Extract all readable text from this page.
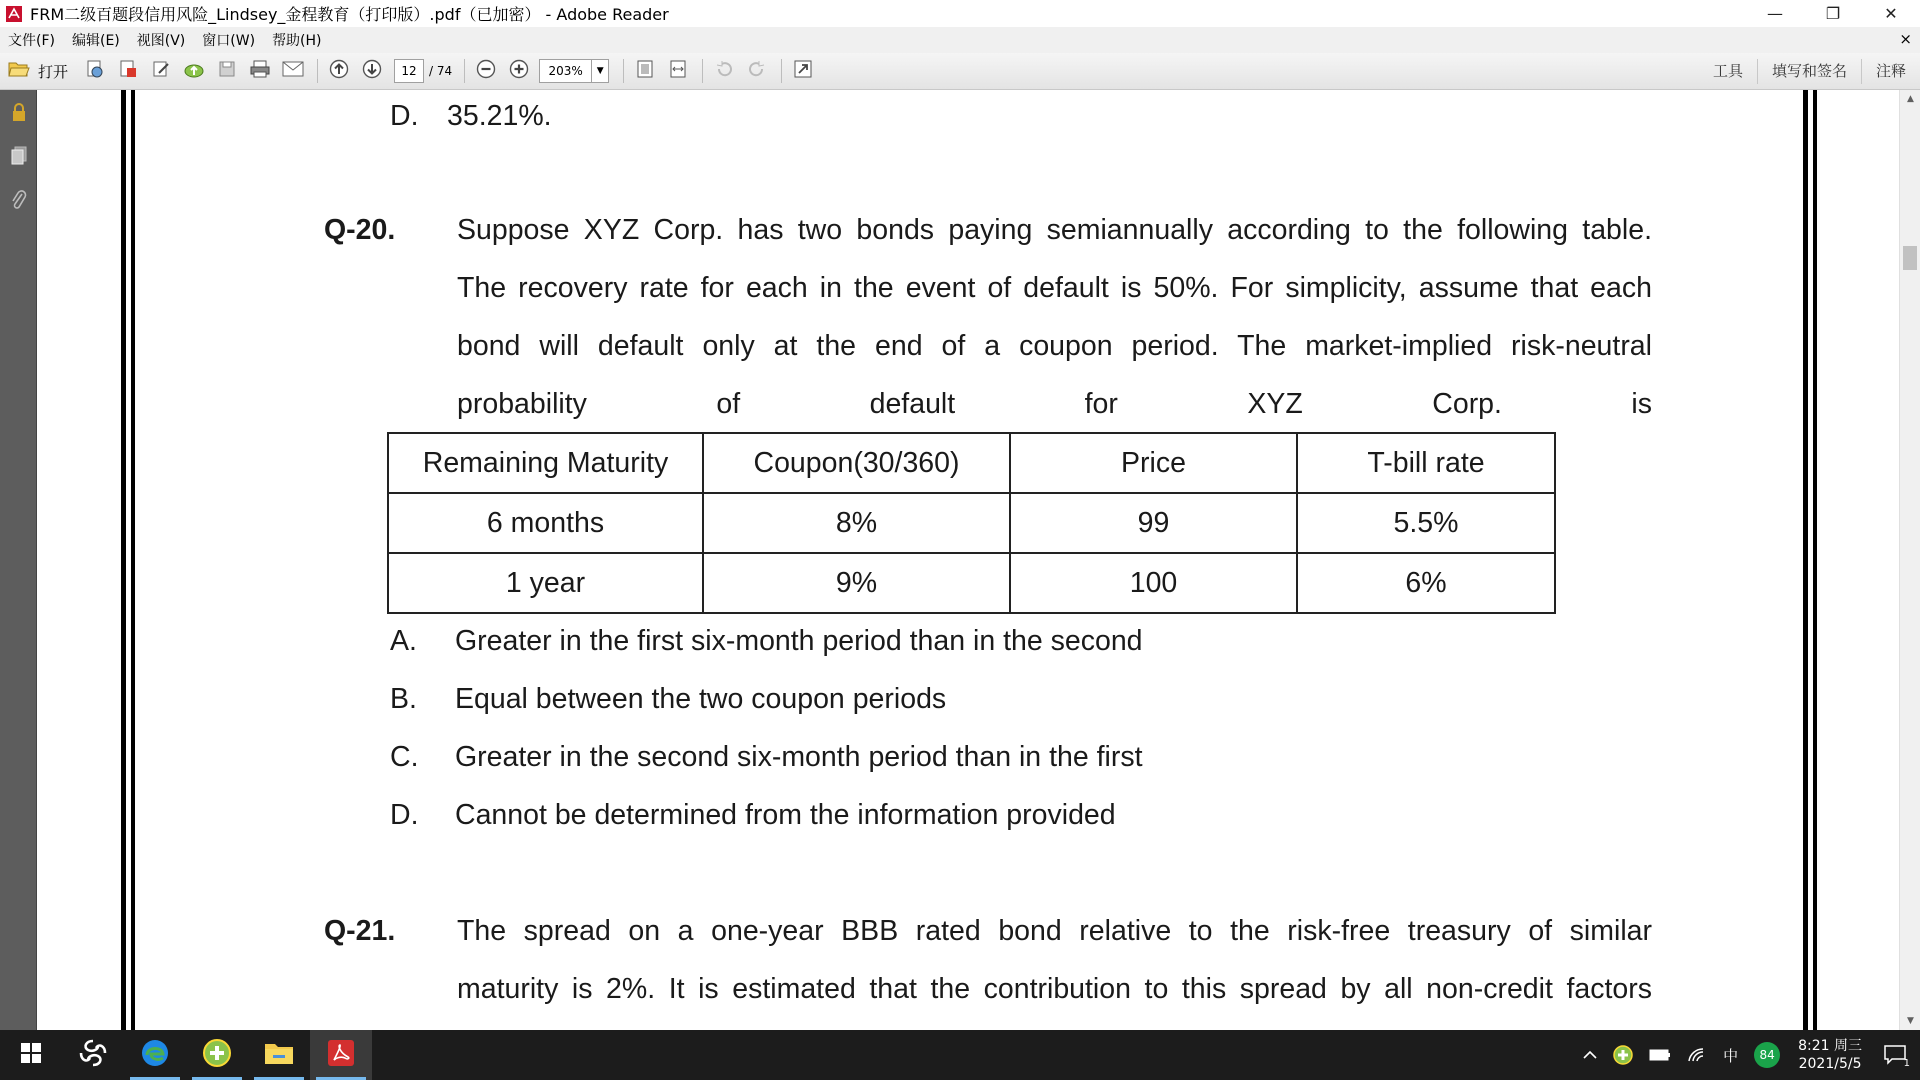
FRM二级百题段信用风险_Lindsey_金程教育（打印版）.pdf（已加密） - Adobe Reader	—	❐	✕
文件(F) 编辑(E) 视图(V) 窗口(W) 帮助(H)	×
打开	12	/ 74	203%	▼	工具	填写和签名	注释
D. 35.21%.
Q-20. Suppose XYZ Corp. has two bonds paying semiannually according to the following table.
The recovery rate for each in the event of default is 50%. For simplicity, assume that each
bond will default only at the end of a coupon period. The market-implied risk-neutral
probability of default for XYZ Corp. is
Remaining Maturity	Coupon(30/360)	Price	T-bill rate
6 months	8%	99	5.5%
1 year	9%	100	6%
A. Greater in the first six-month period than in the second
B. Equal between the two coupon periods
C. Greater in the second six-month period than in the first
D. Cannot be determined from the information provided
Q-21. The spread on a one-year BBB rated bond relative to the risk-free treasury of similar
maturity is 2%. It is estimated that the contribution to this spread by all non-credit factors
▲
▼
中	84
8:21 周三
2021/5/5	1
